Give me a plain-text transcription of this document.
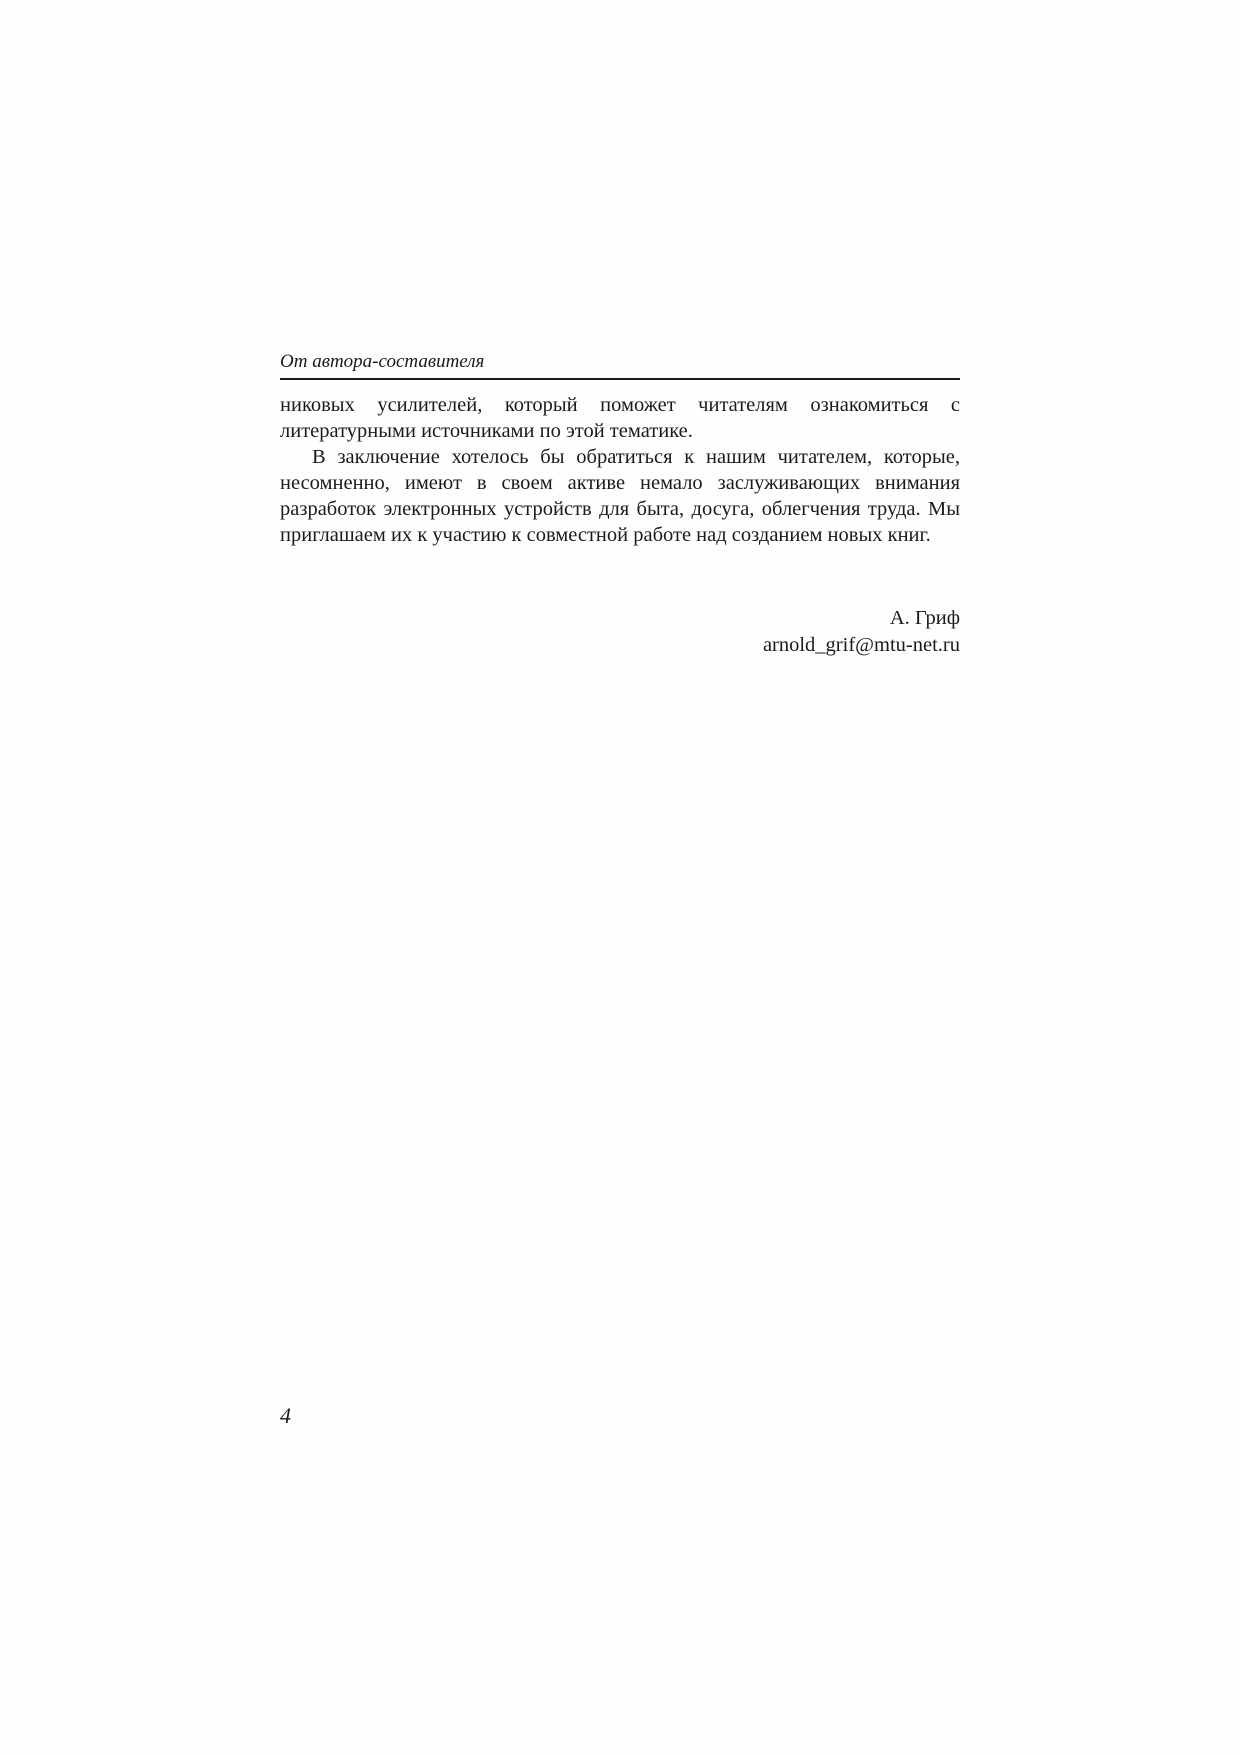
От автора-составителя

никовых усилителей, который поможет читателям ознакомиться с литературными источниками по этой тематике.

В заключение хотелось бы обратиться к нашим читателем, которые, несомненно, имеют в своем активе немало заслуживающих внимания разработок электронных устройств для быта, досуга, облегчения труда. Мы приглашаем их к участию к совместной работе над созданием новых книг.

А. Гриф
arnold_grif@mtu-net.ru
4
